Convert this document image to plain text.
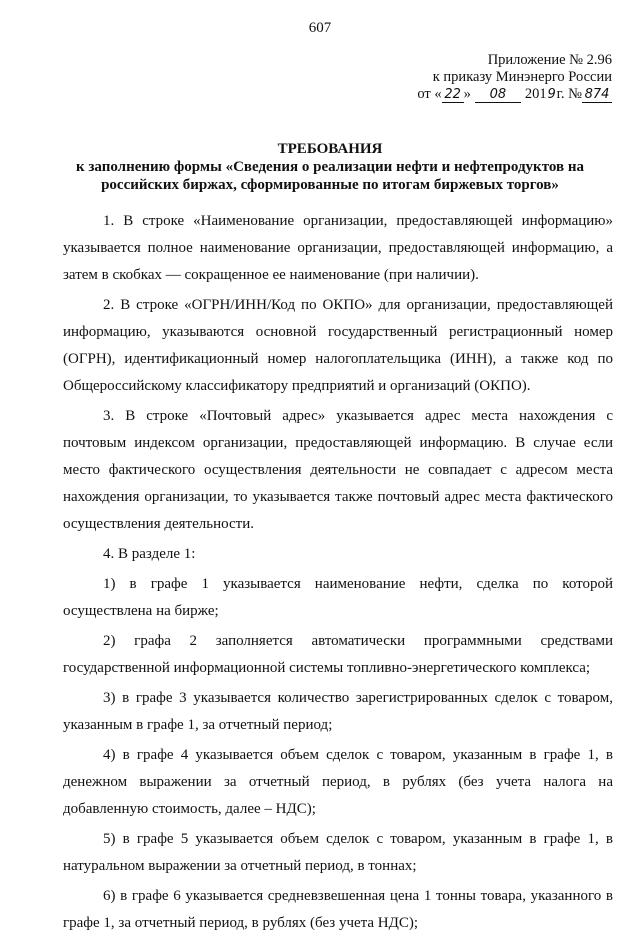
607
Приложение № 2.96
к приказу Минэнерго России
от « 22 » 08 2019г. № 874
ТРЕБОВАНИЯ
к заполнению формы «Сведения о реализации нефти и нефтепродуктов на российских биржах, сформированные по итогам биржевых торгов»

1. В строке «Наименование организации, предоставляющей информацию» указывается полное наименование организации, предоставляющей информацию, а затем в скобках — сокращенное ее наименование (при наличии).

2. В строке «ОГРН/ИНН/Код по ОКПО» для организации, предоставляющей информацию, указываются основной государственный регистрационный номер (ОГРН), идентификационный номер налогоплательщика (ИНН), а также код по Общероссийскому классификатору предприятий и организаций (ОКПО).

3. В строке «Почтовый адрес» указывается адрес места нахождения с почтовым индексом организации, предоставляющей информацию. В случае если место фактического осуществления деятельности не совпадает с адресом места нахождения организации, то указывается также почтовый адрес места фактического осуществления деятельности.

4. В разделе 1:

1) в графе 1 указывается наименование нефти, сделка по которой осуществлена на бирже;

2) графа 2 заполняется автоматически программными средствами государственной информационной системы топливно-энергетического комплекса;

3) в графе 3 указывается количество зарегистрированных сделок с товаром, указанным в графе 1, за отчетный период;

4) в графе 4 указывается объем сделок с товаром, указанным в графе 1, в денежном выражении за отчетный период, в рублях (без учета налога на добавленную стоимость, далее – НДС);

5) в графе 5 указывается объем сделок с товаром, указанным в графе 1, в натуральном выражении за отчетный период, в тоннах;

6) в графе 6 указывается средневзвешенная цена 1 тонны товара, указанного в графе 1, за отчетный период, в рублях (без учета НДС);
